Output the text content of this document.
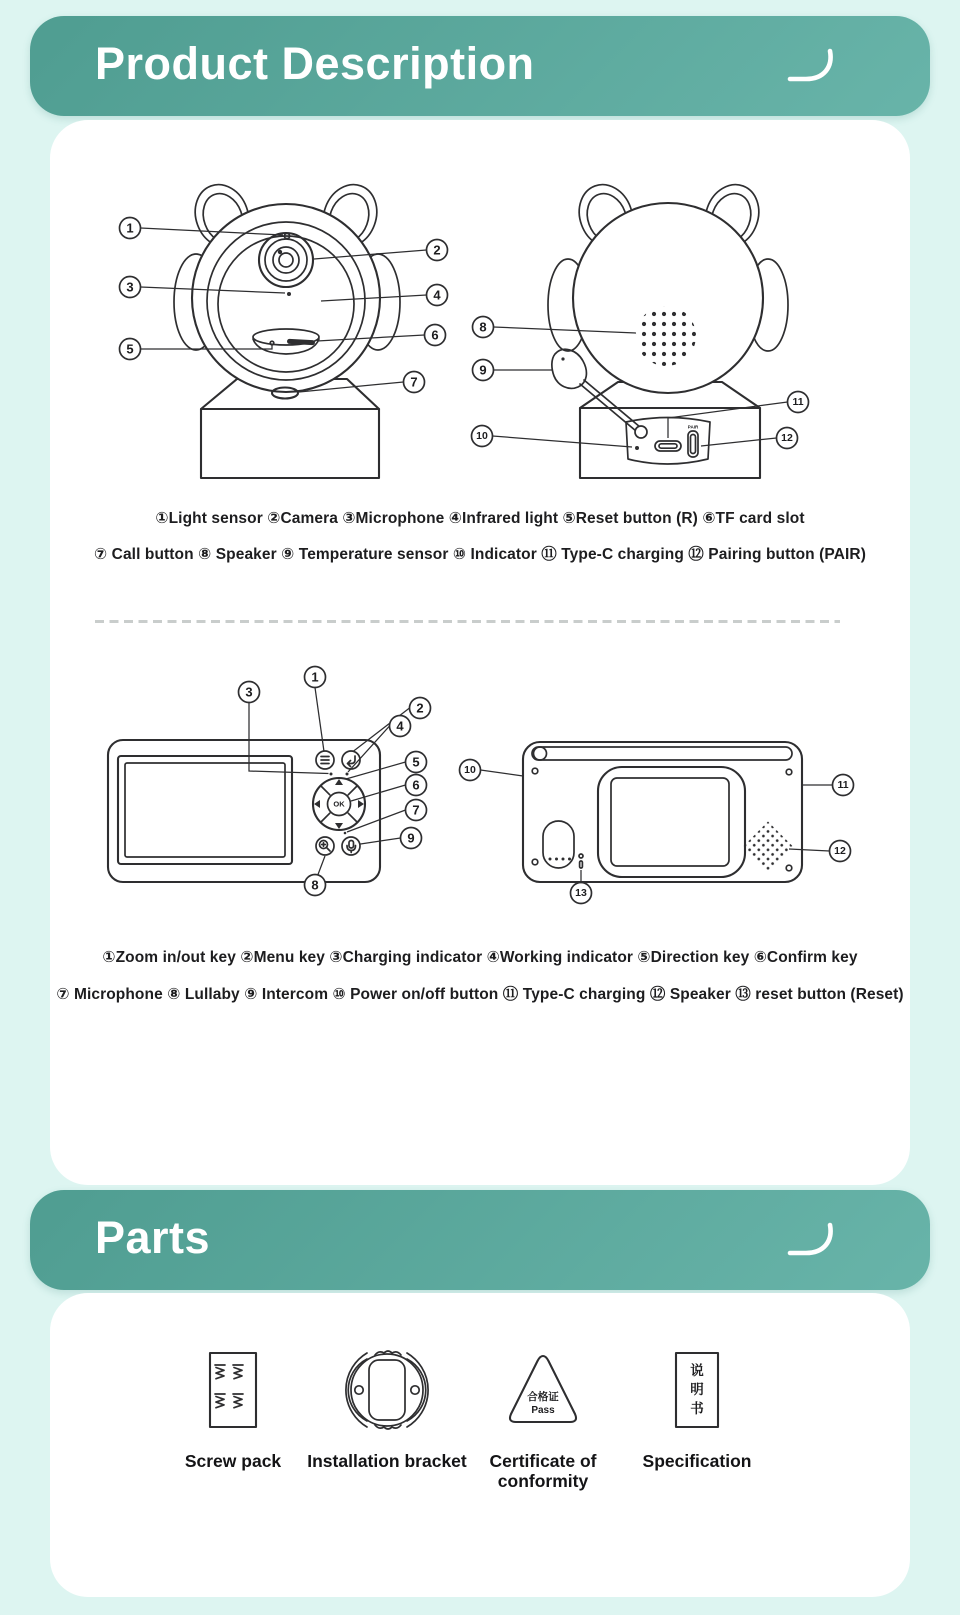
Product Description
1
3
5
2
4
6
7
PAIR
8
9
10
11
12
①Light sensor ②Camera ③Microphone ④Infrared light ⑤Reset button (R) ⑥TF card slot
⑦ Call button ⑧ Speaker ⑨ Temperature sensor ⑩ Indicator ⑪ Type-C charging ⑫ Pairing button (PAIR)
OK
1
3
2
4
5
6
7
9
8
10
11
12
13
①Zoom in/out key ②Menu key ③Charging indicator ④Working indicator ⑤Direction key ⑥Confirm key
⑦ Microphone ⑧ Lullaby ⑨ Intercom ⑩ Power on/off button ⑪ Type-C charging ⑫ Speaker ⑬ reset button (Reset)
Parts
Screw pack	Installation bracket
合格证
Pass
Certificate of conformity
说
明
书
Specification
